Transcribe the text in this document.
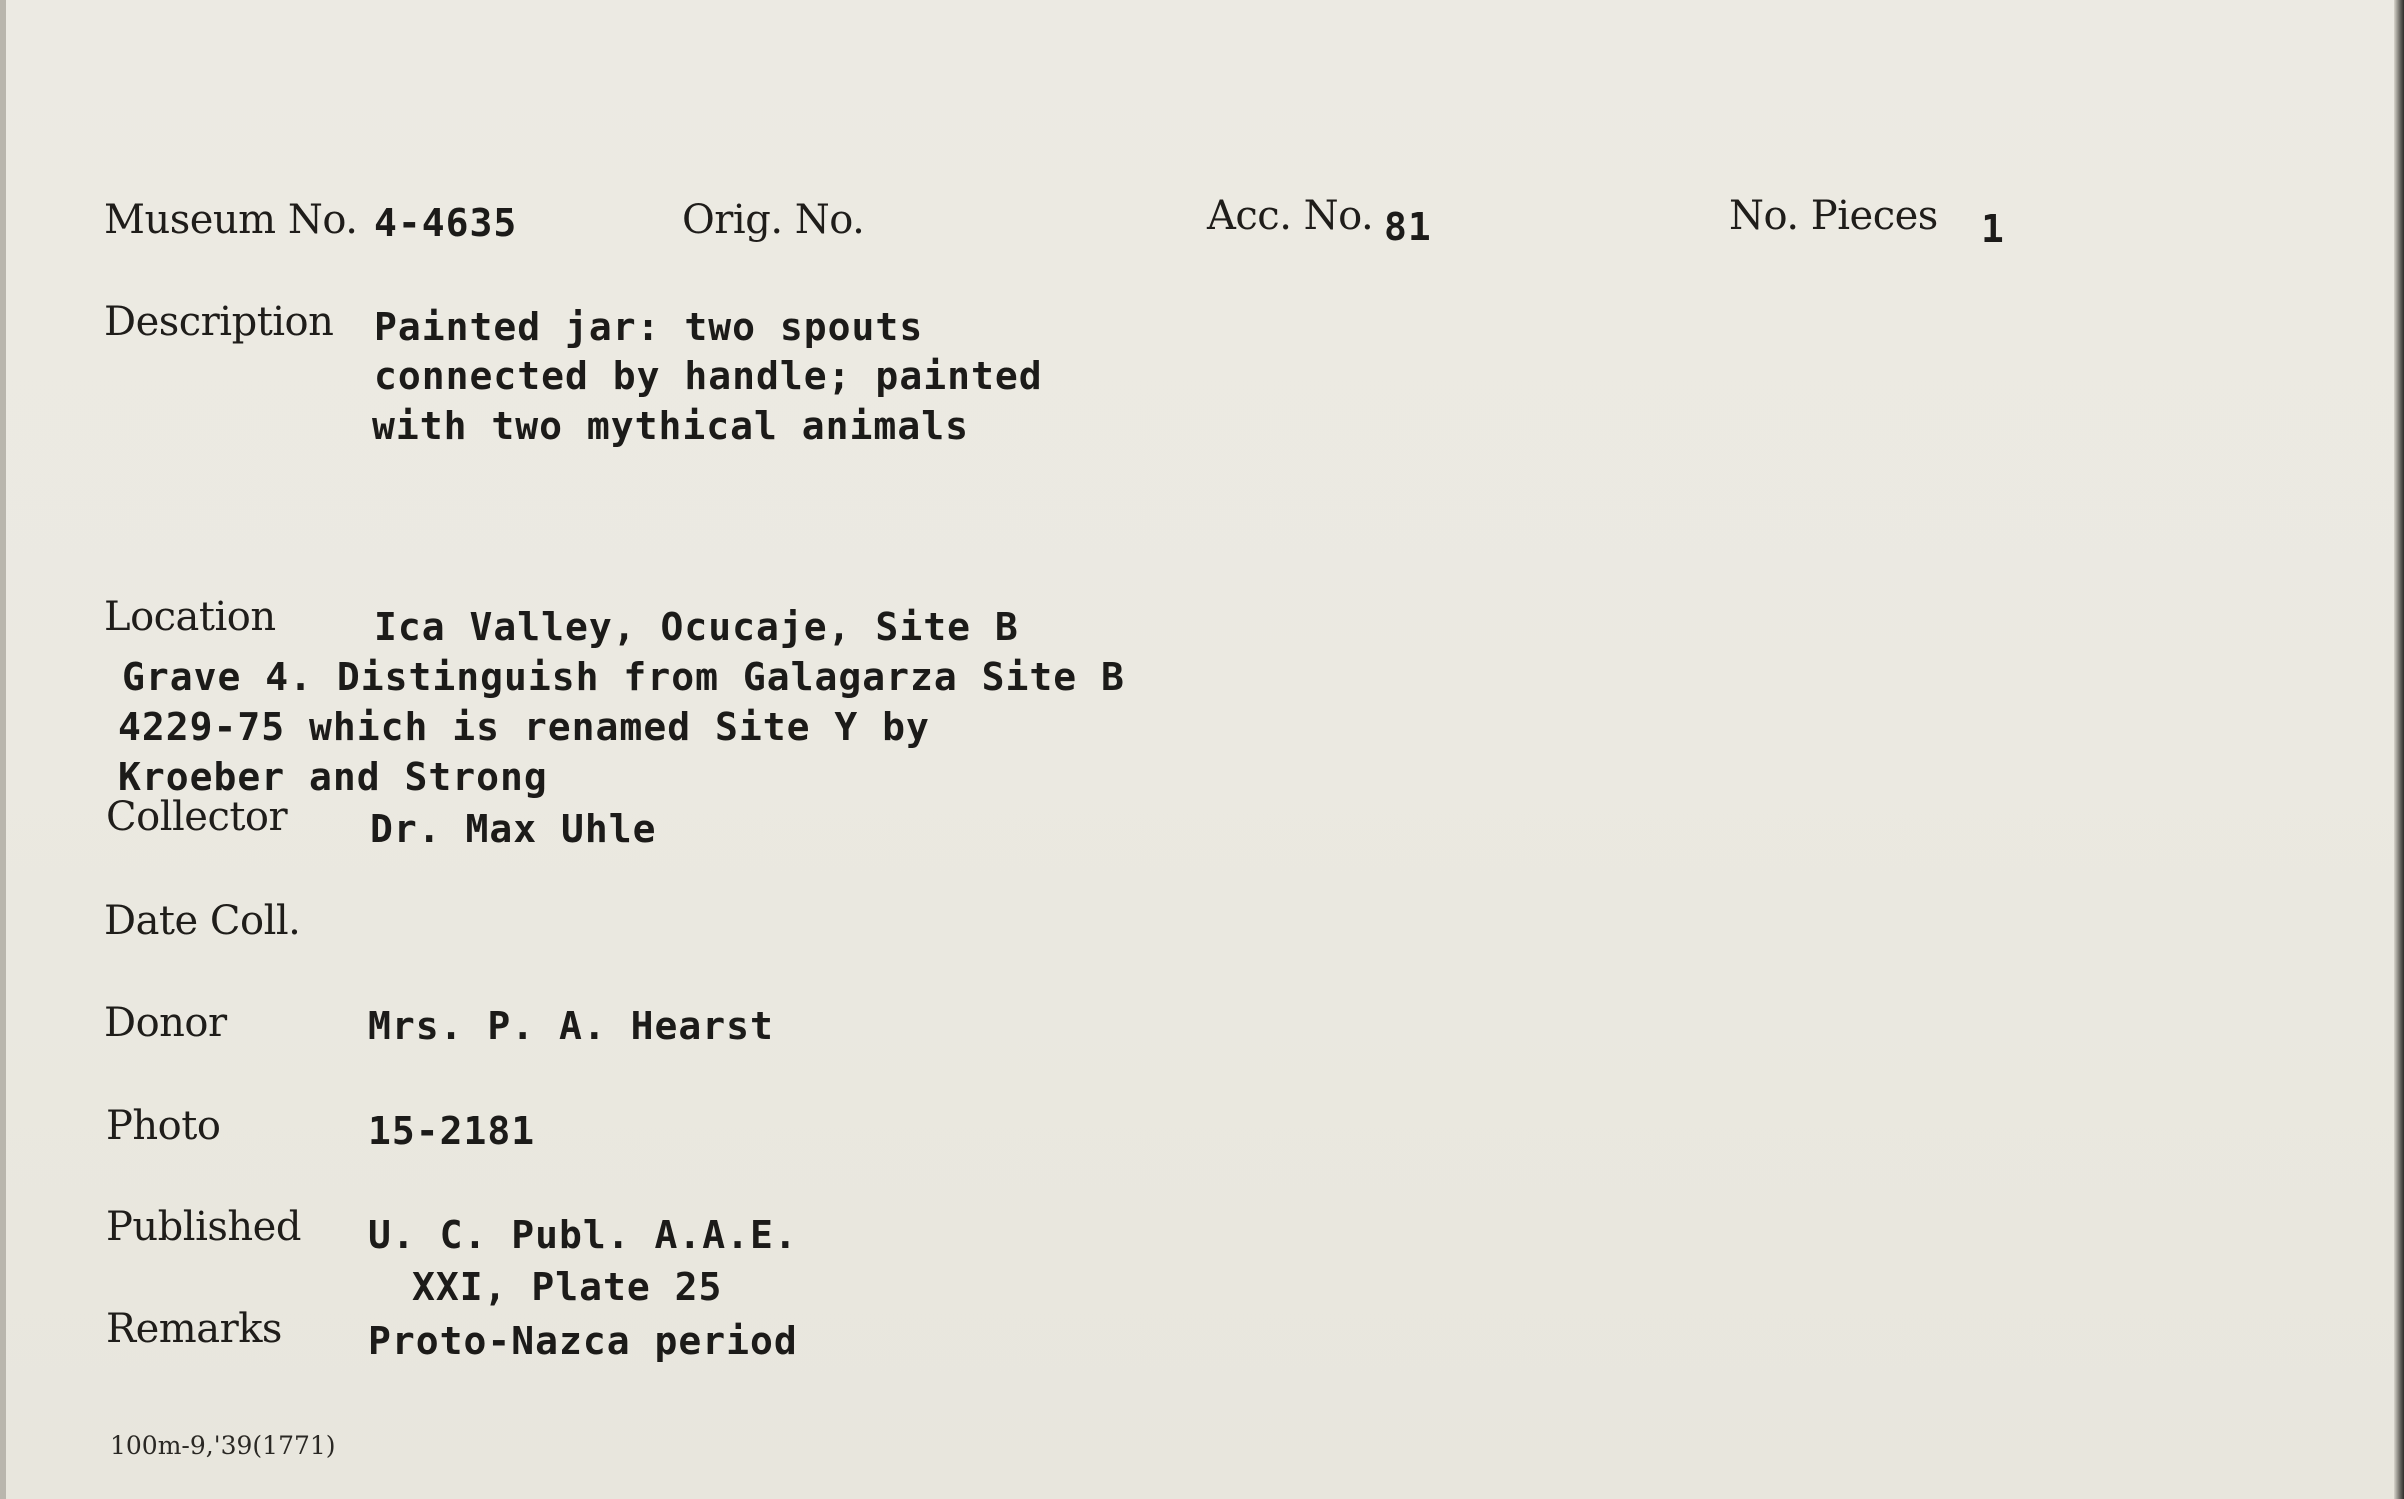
Museum No. 4-4635	Orig. No.	Acc. No. 81	No. Pieces 1
Description Painted jar: two spouts
connected by handle; painted
with two mythical animals
Location	Ica Valley, Ocucaje, Site B
Grave 4. Distinguish from Galagarza Site B
4229-75 which is renamed Site Y by
Kroeber and Strong
Collector Dr. Max Uhle
Date Coll.
Donor	Mrs. P. A. Hearst
Photo	15-2181
Published U. C. Publ. A.A.E.
XXI, Plate 25
Remarks Proto-Nazca period
100m-9,'39(1771)
